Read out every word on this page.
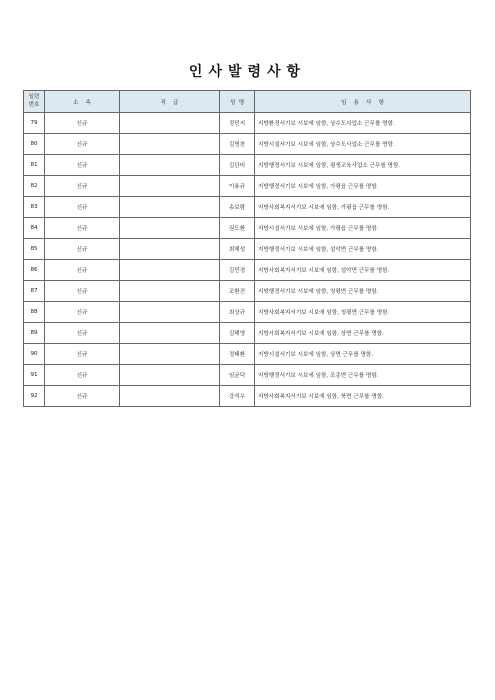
인사발령사항
일련
번호	소    속	직    급	성  명	임    용    사    항
79	신규		정민지	지방환경서기보 시보에 임함, 상수도사업소 근무를 명함.
80	신규		김명찬	지방시설서기보 시보에 임함, 상수도사업소 근무를 명함.
81	신규		김단비	지방행정서기보 시보에 임함, 평생교육사업소 근무를 명함.
82	신규		이용규	지방행정서기보 시보에 임함, 가평읍 근무를 명함.
83	신규		송보람	지방사회복지서기보 시보에 임함, 가평읍 근무를 명함.
84	신규		권도환	지방시설서기보 시보에 임함, 가평읍 근무를 명함.
85	신규		최해성	지방행정서기보 시보에 임함, 설악면 근무를 명함.
86	신규		김민경	지방사회복지서기보 시보에 임함, 설악면 근무를 명함.
87	신규		조환진	지방행정서기보 시보에 임함, 청평면 근무를 명함.
88	신규		최상규	지방사회복지서기보 시보에 임함, 청평면 근무를 명함.
89	신규		김해영	지방사회복지서기보 시보에 임함, 상면 근무를 명함.
90	신규		정태환	지방시설서기보 시보에 임함, 상면 근무를 명함.
91	신규		임균덕	지방행정서기보 시보에 임함, 조종면 근무를 명함.
92	신규		강석우	지방사회복지서기보 시보에 임함, 북면 근무를 명함.
